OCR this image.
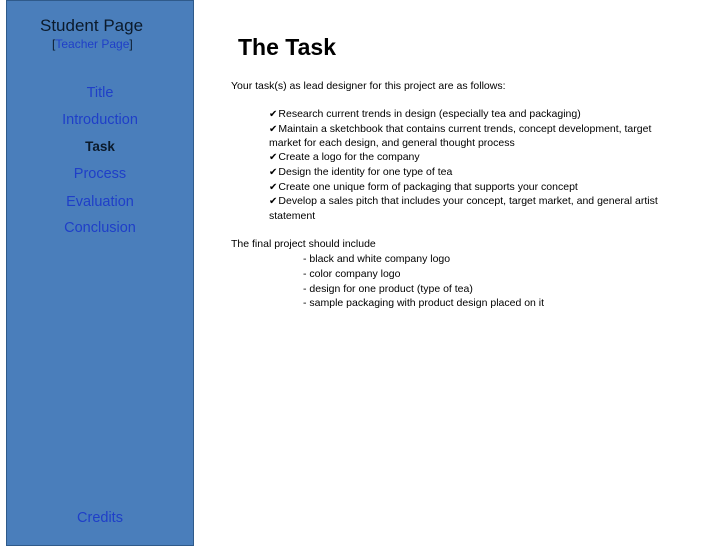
Student Page
[Teacher Page]
Title
Introduction
Task
Process
Evaluation
Conclusion
Credits
The Task
Your task(s) as lead designer for this project are as follows:
✔Research current trends in design (especially tea and packaging)
✔Maintain a sketchbook that contains current trends, concept development, target
market for each design, and general thought process
✔Create a logo for the company
✔Design the identity for one type of tea
✔Create one unique form of packaging that supports your concept
✔Develop a sales pitch that includes your concept, target market, and general artist
statement
The final project should include
- black and white company logo
- color company logo
- design for one product (type of tea)
- sample packaging with product design placed on it
